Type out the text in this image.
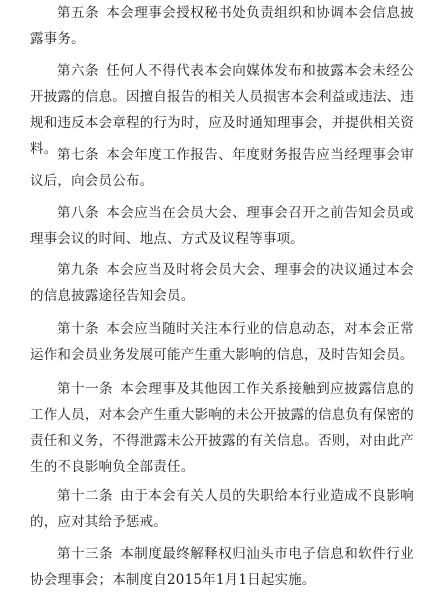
第五条  本会理事会授权秘书处负责组织和协调本会信息披露事务。

第六条  任何人不得代表本会向媒体发布和披露本会未经公开披露的信息。因擅自报告的相关人员损害本会利益或违法、违规和违反本会章程的行为时，应及时通知理事会，并提供相关资料。 第七条  本会年度工作报告、年度财务报告应当经理事会审议后，向会员公布。

第八条  本会应当在会员大会、理事会召开之前告知会员或理事会议的时间、地点、方式及议程等事项。

第九条  本会应当及时将会员大会、理事会的决议通过本会的信息披露途径告知会员。

第十条  本会应当随时关注本行业的信息动态，对本会正常运作和会员业务发展可能产生重大影响的信息，及时告知会员。

第十一条  本会理事及其他因工作关系接触到应披露信息的工作人员，对本会产生重大影响的未公开披露的信息负有保密的责任和义务，不得泄露未公开披露的有关信息。否则，对由此产生的不良影响负全部责任。

第十二条  由于本会有关人员的失职给本行业造成不良影响的，应对其给予惩戒。

第十三条  本制度最终解释权归汕头市电子信息和软件行业协会理事会；本制度自2015年1月1日起实施。
